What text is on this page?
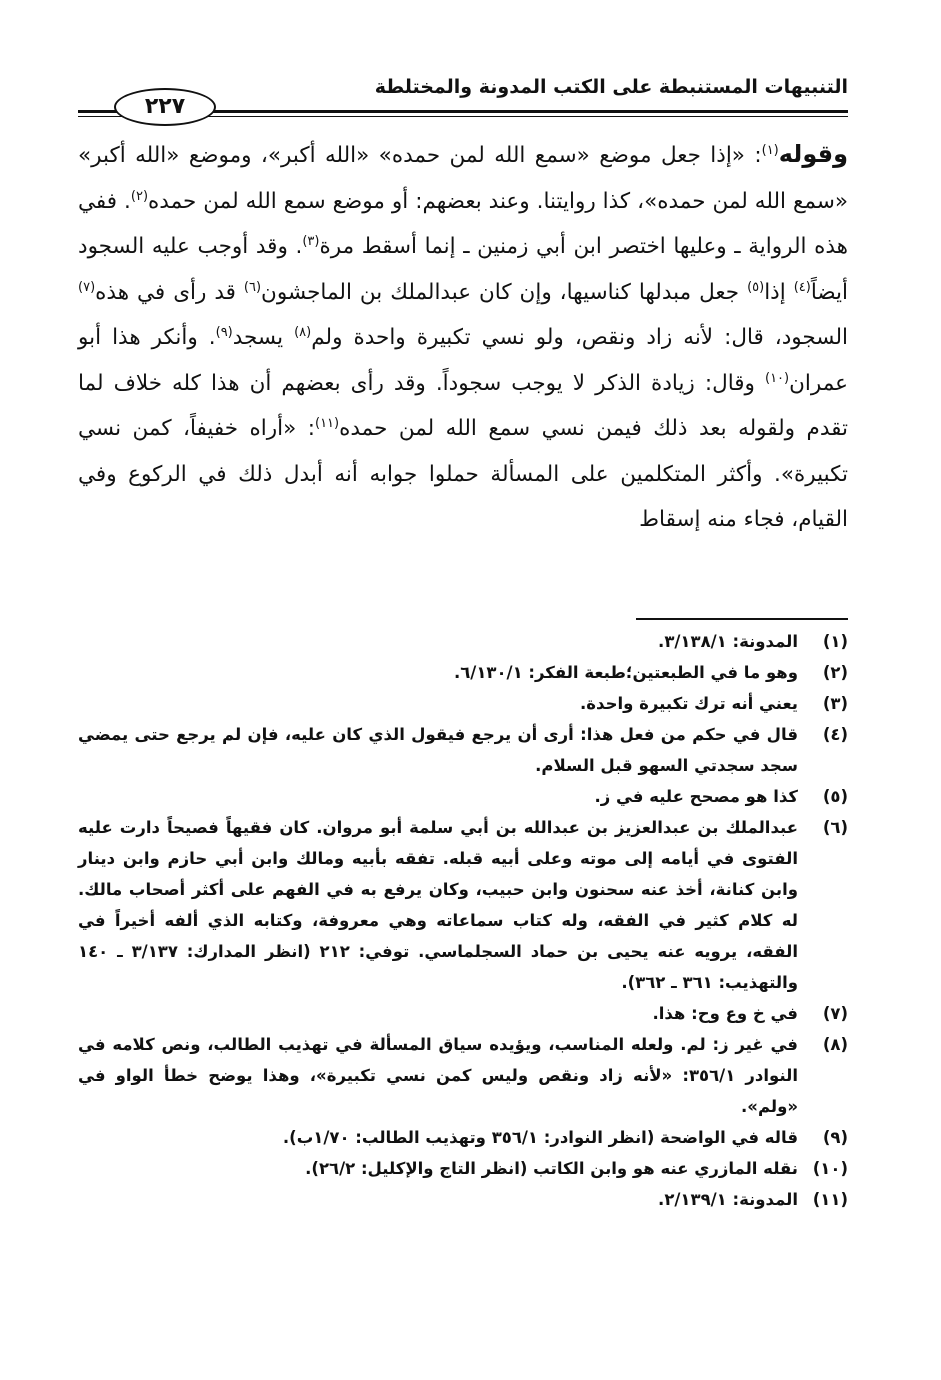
التنبيهات المستنبطة على الكتب المدونة والمختلطة
٢٢٧

وقوله$^{(١)}$: «إذا جعل موضع «سمع الله لمن حمده» «الله أكبر»، وموضع «الله أكبر» «سمع الله لمن حمده»، كذا روايتنا. وعند بعضهم: أو موضع سمع الله لمن حمده$^{(٢)}$. ففي هذه الرواية ـ وعليها اختصر ابن أبي زمنين ـ إنما أسقط مرة$^{(٣)}$. وقد أوجب عليه السجود أيضاً$^{(٤)}$ إذا$^{(٥)}$ جعل مبدلها كناسيها، وإن كان عبدالملك بن الماجشون$^{(٦)}$ قد رأى في هذه$^{(٧)}$ السجود، قال: لأنه زاد ونقص، ولو نسي تكبيرة واحدة ولم$^{(٨)}$ يسجد$^{(٩)}$. وأنكر هذا أبو عمران$^{(١٠)}$ وقال: زيادة الذكر لا يوجب سجوداً. وقد رأى بعضهم أن هذا كله خلاف لما تقدم ولقوله بعد ذلك فيمن نسي سمع الله لمن حمده$^{(١١)}$: «أراه خفيفاً، كمن نسي تكبيرة». وأكثر المتكلمين على المسألة حملوا جوابه أنه أبدل ذلك في الركوع وفي القيام، فجاء منه إسقاط

(١)
المدونة: ٣/١٣٨/١.
(٢)
وهو ما في الطبعتين؛طبعة الفكر: ٦/١٣٠/١.
(٣)
يعني أنه ترك تكبيرة واحدة.
(٤)
قال في حكم من فعل هذا: أرى أن يرجع فيقول الذي كان عليه، فإن لم يرجع حتى يمضي سجد سجدتي السهو قبل السلام.
(٥)
كذا هو مصحح عليه في ز.
(٦)
عبدالملك بن عبدالعزيز بن عبدالله بن أبي سلمة أبو مروان. كان فقيهاً فصيحاً دارت عليه الفتوى في أيامه إلى موته وعلى أبيه قبله. تفقه بأبيه ومالك وابن أبي حازم وابن دينار وابن كنانة، أخذ عنه سحنون وابن حبيب، وكان يرفع به في الفهم على أكثر أصحاب مالك. له كلام كثير في الفقه، وله كتاب سماعاته وهي معروفة، وكتابه الذي ألفه أخيراً في الفقه، يرويه عنه يحيى بن حماد السجلماسي. توفي: ٢١٢ (انظر المدارك: ٣/١٣٧ ـ ١٤٠ والتهذيب: ٣٦١ ـ ٣٦٢).
(٧)
في خ وع وح: هذا.
(٨)
في غير ز: لم. ولعله المناسب، ويؤيده سياق المسألة في تهذيب الطالب، ونص كلامه في النوادر ٣٥٦/١: «لأنه زاد ونقص وليس كمن نسي تكبيرة»، وهذا يوضح خطأ الواو في «ولم».
(٩)
قاله في الواضحة (انظر النوادر: ٣٥٦/١ وتهذيب الطالب: ١/٧٠ب).
(١٠)
نقله المازري عنه هو وابن الكاتب (انظر التاج والإكليل: ٢٦/٢).
(١١)
المدونة: ٢/١٣٩/١.
